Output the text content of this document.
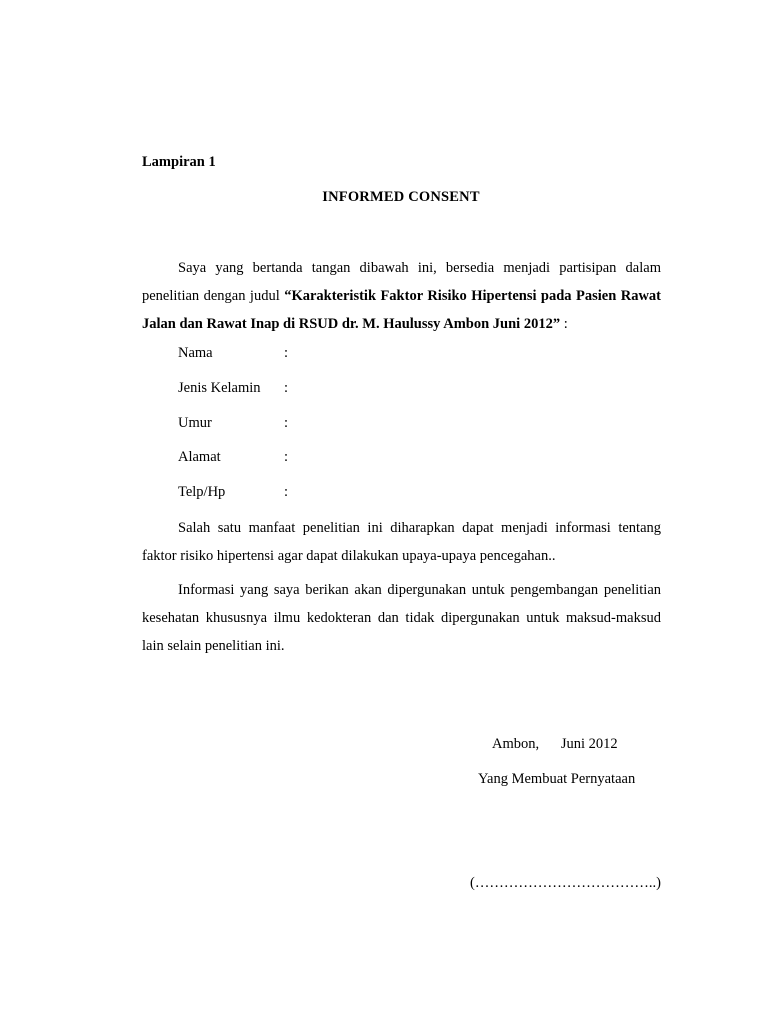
Lampiran 1
INFORMED CONSENT
Saya yang bertanda tangan dibawah ini, bersedia menjadi partisipan dalam penelitian dengan judul “Karakteristik Faktor Risiko Hipertensi pada Pasien Rawat Jalan dan Rawat Inap di RSUD dr. M. Haulussy Ambon Juni 2012” :
Nama	:
Jenis Kelamin :
Umur	:
Alamat	:
Telp/Hp	:
Salah satu manfaat penelitian ini diharapkan dapat menjadi informasi tentang faktor risiko hipertensi agar dapat dilakukan upaya-upaya pencegahan..
Informasi yang saya berikan akan dipergunakan untuk pengembangan penelitian kesehatan khususnya ilmu kedokteran dan tidak dipergunakan untuk maksud-maksud lain selain penelitian ini.
Ambon,      Juni 2012
Yang Membuat Pernyataan
(………………………………..)
